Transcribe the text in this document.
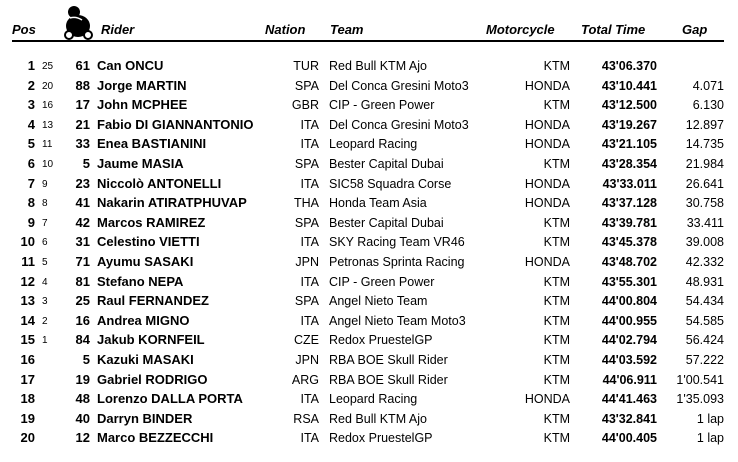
Pos	Rider	Nation Team	Motorcycle Total Time	Gap
1 25 61 Can ONCU	TUR Red Bull KTM Ajo	KTM	43'06.370
2 20 88 Jorge MARTIN	SPA Del Conca Gresini Moto3	HONDA	43'10.441	4.071
3 16 17 John MCPHEE	GBR CIP - Green Power	KTM	43'12.500	6.130
4 13 21 Fabio DI GIANNANTONIO	ITA Del Conca Gresini Moto3	HONDA	43'19.267 12.897
5 11 33 Enea BASTIANINI	ITA Leopard Racing	HONDA	43'21.105 14.735
6 10 5 Jaume MASIA	SPA Bester Capital Dubai	KTM	43'28.354 21.984
7 9 23 Niccolò ANTONELLI	ITA SIC58 Squadra Corse	HONDA	43'33.011 26.641
8 8 41 Nakarin ATIRATPHUVAP	THA Honda Team Asia	HONDA	43'37.128 30.758
9 7 42 Marcos RAMIREZ	SPA Bester Capital Dubai	KTM	43'39.781 33.411
10 6 31 Celestino VIETTI	ITA SKY Racing Team VR46	KTM	43'45.378 39.008
11 5 71 Ayumu SASAKI	JPN Petronas Sprinta Racing	HONDA	43'48.702 42.332
12 4 81 Stefano NEPA	ITA CIP - Green Power	KTM	43'55.301 48.931
13 3 25 Raul FERNANDEZ	SPA Angel Nieto Team	KTM	44'00.804 54.434
14 2 16 Andrea MIGNO	ITA Angel Nieto Team Moto3	KTM	44'00.955 54.585
15 1 84 Jakub KORNFEIL	CZE Redox PruestelGP	KTM	44'02.794 56.424
16	5 Kazuki MASAKI	JPN RBA BOE Skull Rider	KTM	44'03.592 57.222
17	19 Gabriel RODRIGO	ARG RBA BOE Skull Rider	KTM	44'06.911 1'00.541
18	48 Lorenzo DALLA PORTA	ITA Leopard Racing	HONDA	44'41.463 1'35.093
19	40 Darryn BINDER	RSA Red Bull KTM Ajo	KTM	43'32.841	1 lap
20	12 Marco BEZZECCHI	ITA Redox PruestelGP	KTM	44'00.405	1 lap
